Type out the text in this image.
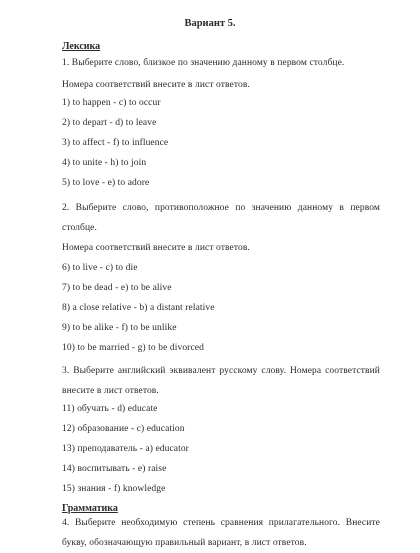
Вариант 5.
Лексика
1. Выберите слово, близкое по значению данному в первом столбце.
Номера соответствий внесите в лист ответов.
1) to happen - c) to occur
2) to depart - d) to leave
3) to affect - f) to influence
4) to unite - h) to join
5) to love - e) to adore
2. Выберите слово, противоположное по значению данному в первом столбце.
Номера соответствий внесите в лист ответов.
6) to live - c) to die
7) to be dead - e) to be alive
8) a close relative - b) a distant relative
9) to be alike - f) to be unlike
10) to be married - g) to be divorced
3. Выберите английский эквивалент русскому слову. Номера соответствий внесите в лист ответов.
11) обучать - d) educate
12) образование - c) education
13) преподаватель - a) educator
14) воспитывать - e) raise
15) знания - f) knowledge
Грамматика
4. Выберите необходимую степень сравнения прилагательного. Внесите букву, обозначающую правильный вариант, в лист ответов.
